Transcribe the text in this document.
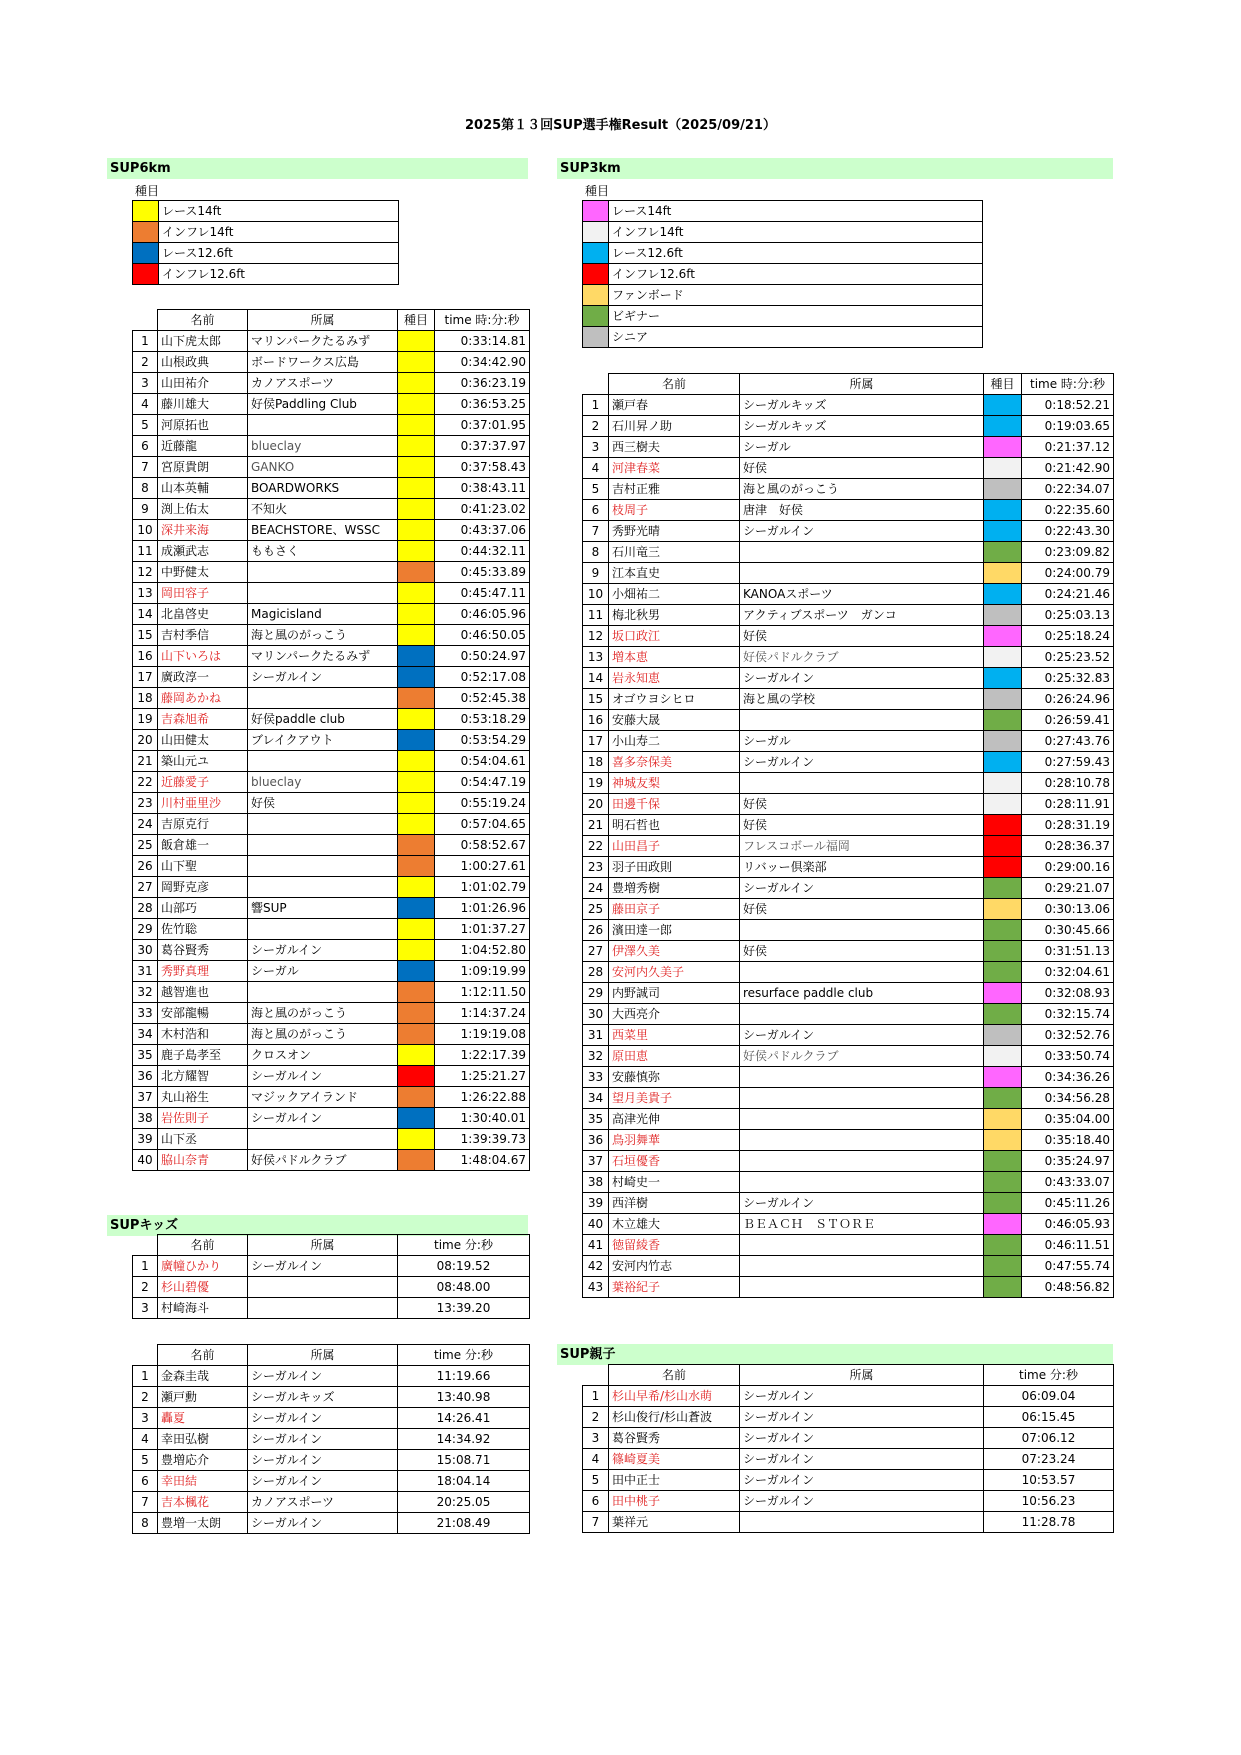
2025第１３回SUP選手権Result（2025/09/21）
SUP6km
種目
	レース14ft
	インフレ14ft
	レース12.6ft
	インフレ12.6ft
	名前	所属	種目	time 時:分:秒
1	山下虎太郎	マリンパークたるみず		0:33:14.81
2	山根政典	ボードワークス広島		0:34:42.90
3	山田祐介	カノアスポーツ		0:36:23.19
4	藤川雄大	好侯Paddling Club		0:36:53.25
5	河原拓也			0:37:01.95
6	近藤龍	blueclay		0:37:37.97
7	宮原貴朗	GANKO		0:37:58.43
8	山本英輔	BOARDWORKS		0:38:43.11
9	渕上佑太	不知火		0:41:23.02
10	深井来海	BEACHSTORE、WSSC		0:43:37.06
11	成瀬武志	ももさく		0:44:32.11
12	中野健太			0:45:33.89
13	岡田容子			0:45:47.11
14	北畠啓史	Magicisland		0:46:05.96
15	吉村季信	海と風のがっこう		0:46:50.05
16	山下いろは	マリンパークたるみず		0:50:24.97
17	廣政淳一	シーガルイン		0:52:17.08
18	藤岡あかね			0:52:45.38
19	吉森旭希	好侯paddle club		0:53:18.29
20	山田健太	ブレイクアウト		0:53:54.29
21	築山元ユ			0:54:04.61
22	近藤愛子	blueclay		0:54:47.19
23	川村亜里沙	好侯		0:55:19.24
24	吉原克行			0:57:04.65
25	飯倉雄一			0:58:52.67
26	山下聖			1:00:27.61
27	岡野克彦			1:01:02.79
28	山部巧	響SUP		1:01:26.96
29	佐竹聡			1:01:37.27
30	葛谷賢秀	シーガルイン		1:04:52.80
31	秀野真理	シーガル		1:09:19.99
32	越智進也			1:12:11.50
33	安部龍暢	海と風のがっこう		1:14:37.24
34	木村浩和	海と風のがっこう		1:19:19.08
35	鹿子島孝至	クロスオン		1:22:17.39
36	北方耀智	シーガルイン		1:25:21.27
37	丸山裕生	マジックアイランド		1:26:22.88
38	岩佐則子	シーガルイン		1:30:40.01
39	山下丞			1:39:39.73
40	脇山奈青	好侯パドルクラブ		1:48:04.67
SUP3km
種目
	レース14ft
	インフレ14ft
	レース12.6ft
	インフレ12.6ft
	ファンボード
	ビギナー
	シニア
	名前	所属	種目	time 時:分:秒
1	瀬戸春	シーガルキッズ		0:18:52.21
2	石川昇ノ助	シーガルキッズ		0:19:03.65
3	西三樹夫	シーガル		0:21:37.12
4	河津春菜	好侯		0:21:42.90
5	吉村正雅	海と風のがっこう		0:22:34.07
6	枝周子	唐津　好侯		0:22:35.60
7	秀野光晴	シーガルイン		0:22:43.30
8	石川竜三			0:23:09.82
9	江本直史			0:24:00.79
10	小畑祐二	KANOAスポーツ		0:24:21.46
11	梅北秋男	アクティブスポーツ　ガンコ		0:25:03.13
12	坂口政江	好侯		0:25:18.24
13	増本恵	好侯パドルクラブ		0:25:23.52
14	岩永知恵	シーガルイン		0:25:32.83
15	オゴウヨシヒロ	海と風の学校		0:26:24.96
16	安藤大晟			0:26:59.41
17	小山寿二	シーガル		0:27:43.76
18	喜多奈保美	シーガルイン		0:27:59.43
19	神城友梨			0:28:10.78
20	田邊千保	好侯		0:28:11.91
21	明石哲也	好侯		0:28:31.19
22	山田昌子	フレスコボール福岡		0:28:36.37
23	羽子田政則	リバッー倶楽部		0:29:00.16
24	豊増秀樹	シーガルイン		0:29:21.07
25	藤田京子	好侯		0:30:13.06
26	濱田達一郎			0:30:45.66
27	伊澤久美	好侯		0:31:51.13
28	安河内久美子			0:32:04.61
29	内野誠司	resurface paddle club		0:32:08.93
30	大西亮介			0:32:15.74
31	西菜里	シーガルイン		0:32:52.76
32	原田恵	好侯パドルクラブ		0:33:50.74
33	安藤慎弥			0:34:36.26
34	望月美貴子			0:34:56.28
35	高津光伸			0:35:04.00
36	鳥羽舞華			0:35:18.40
37	石垣優香			0:35:24.97
38	村崎史一			0:43:33.07
39	西洋樹	シーガルイン		0:45:11.26
40	木立雄大	ＢＥＡＣＨ　ＳＴＯＲＥ		0:46:05.93
41	徳留綾香			0:46:11.51
42	安河内竹志			0:47:55.74
43	葉裕紀子			0:48:56.82
SUPキッズ
	名前	所属	time 分:秒
1	廣幢ひかり	シーガルイン	08:19.52
2	杉山碧優		08:48.00
3	村崎海斗		13:39.20
	名前	所属	time 分:秒
1	金森圭哉	シーガルイン	11:19.66
2	瀬戸勳	シーガルキッズ	13:40.98
3	轟夏	シーガルイン	14:26.41
4	幸田弘樹	シーガルイン	14:34.92
5	豊増応介	シーガルイン	15:08.71
6	幸田結	シーガルイン	18:04.14
7	吉本楓花	カノアスポーツ	20:25.05
8	豊増一太朗	シーガルイン	21:08.49
SUP親子
	名前	所属	time 分:秒
1	杉山早希/杉山水萌	シーガルイン	06:09.04
2	杉山俊行/杉山蒼波	シーガルイン	06:15.45
3	葛谷賢秀	シーガルイン	07:06.12
4	篠崎夏美	シーガルイン	07:23.24
5	田中正士	シーガルイン	10:53.57
6	田中桃子	シーガルイン	10:56.23
7	葉祥元		11:28.78
